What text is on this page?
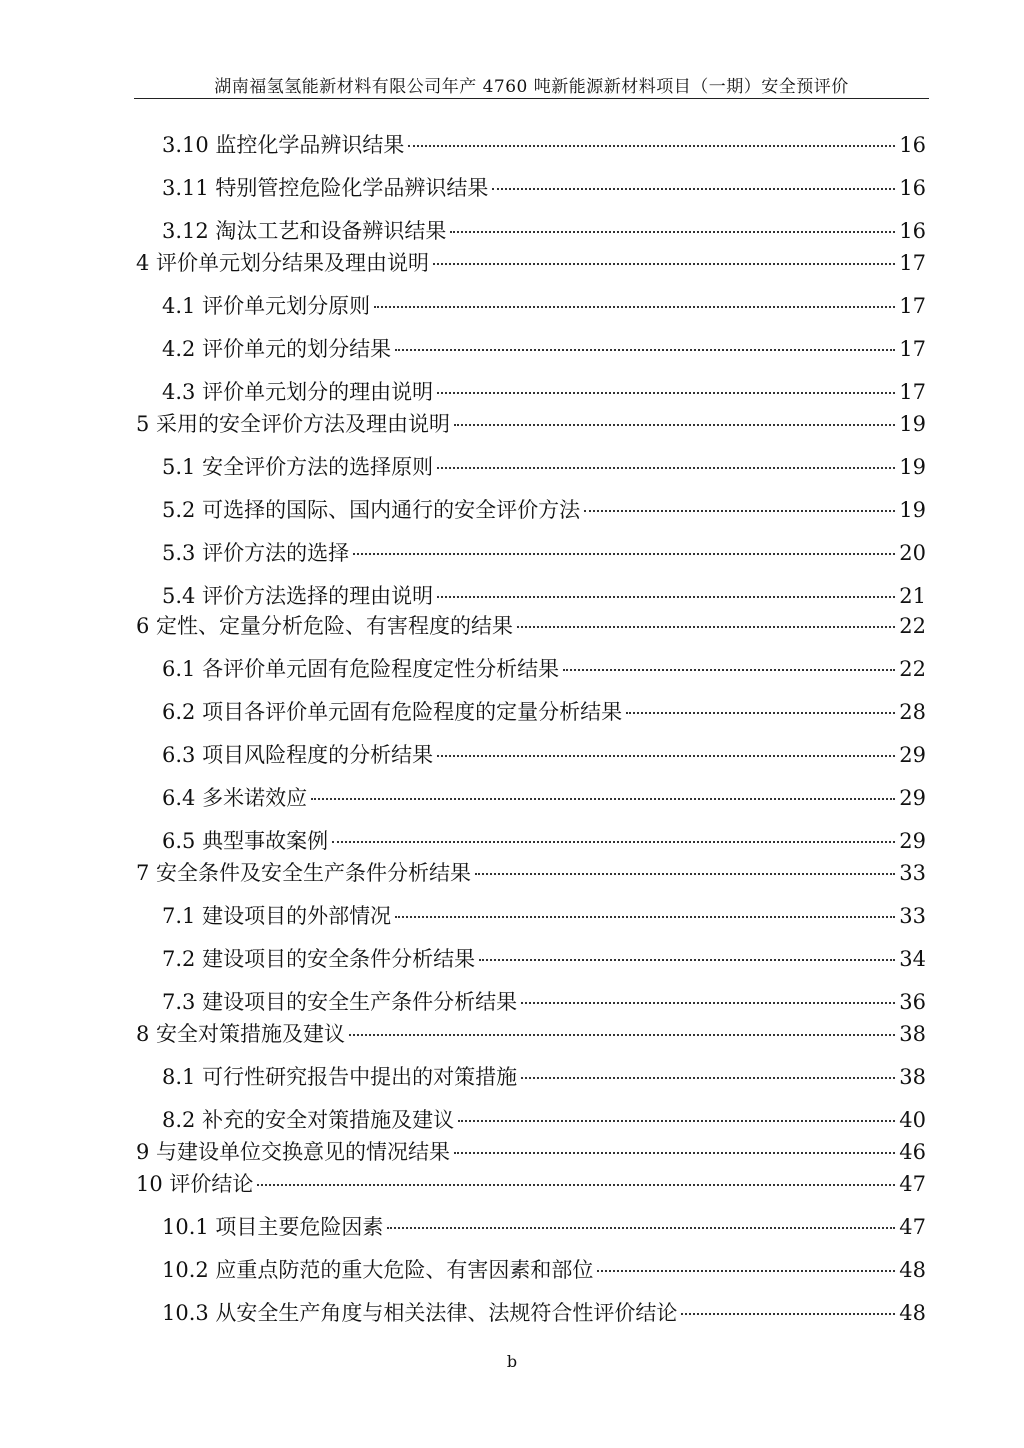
湖南福氢氢能新材料有限公司年产 4760 吨新能源新材料项目（一期）安全预评价
3.10 监控化学品辨识结果	16
3.11 特别管控危险化学品辨识结果	16
3.12 淘汰工艺和设备辨识结果	16
4 评价单元划分结果及理由说明	17
4.1 评价单元划分原则	17
4.2 评价单元的划分结果	17
4.3 评价单元划分的理由说明	17
5 采用的安全评价方法及理由说明	19
5.1 安全评价方法的选择原则	19
5.2 可选择的国际、国内通行的安全评价方法	19
5.3 评价方法的选择	20
5.4 评价方法选择的理由说明	21
6 定性、定量分析危险、有害程度的结果	22
6.1 各评价单元固有危险程度定性分析结果	22
6.2 项目各评价单元固有危险程度的定量分析结果	28
6.3 项目风险程度的分析结果	29
6.4 多米诺效应	29
6.5 典型事故案例	29
7 安全条件及安全生产条件分析结果	33
7.1 建设项目的外部情况	33
7.2 建设项目的安全条件分析结果	34
7.3 建设项目的安全生产条件分析结果	36
8 安全对策措施及建议	38
8.1 可行性研究报告中提出的对策措施	38
8.2 补充的安全对策措施及建议	40
9 与建设单位交换意见的情况结果	46
10 评价结论	47
10.1 项目主要危险因素	47
10.2 应重点防范的重大危险、有害因素和部位	48
10.3 从安全生产角度与相关法律、法规符合性评价结论	48
b
